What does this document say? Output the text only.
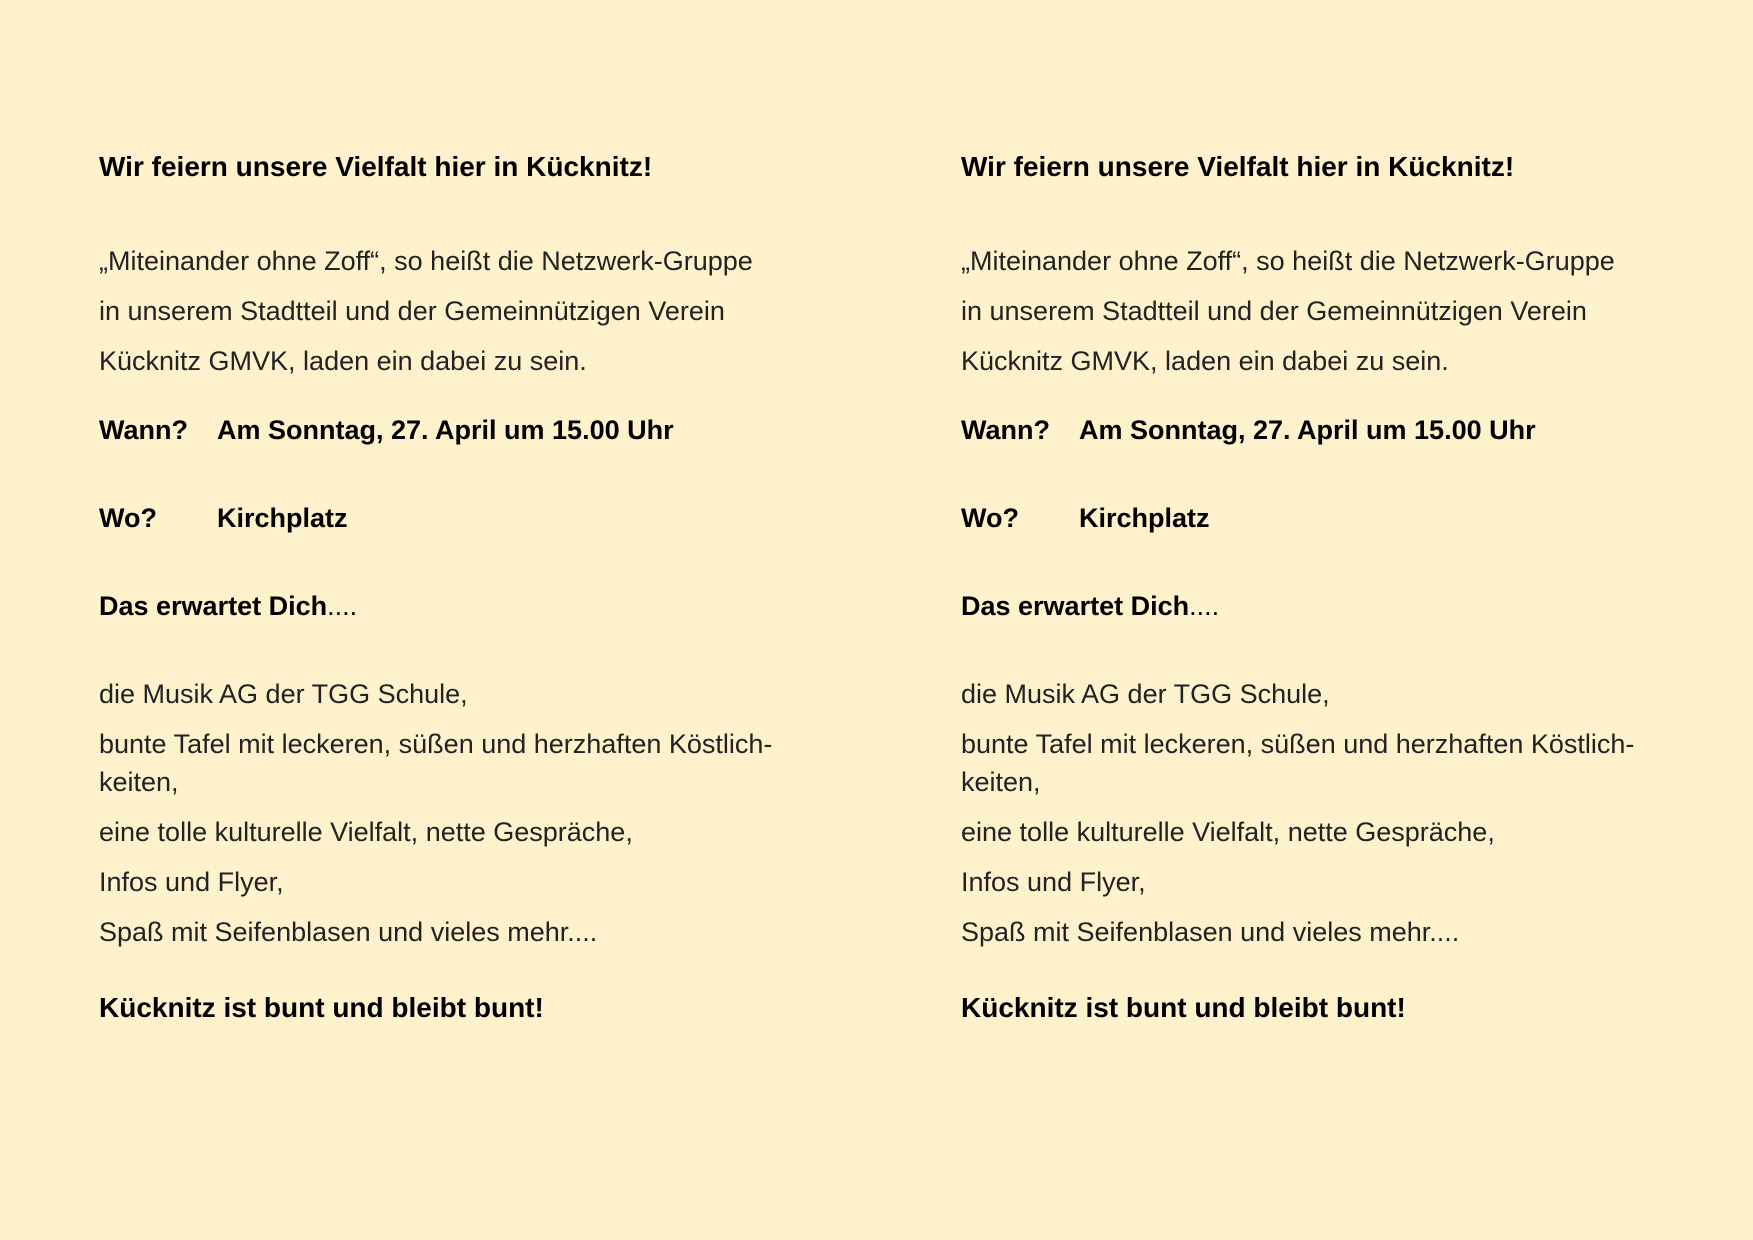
Wir feiern unsere Vielfalt hier in Kücknitz!
„Miteinander ohne Zoff“, so heißt die Netzwerk-Gruppe
in unserem Stadtteil und der Gemeinnützigen Verein
Kücknitz GMVK, laden ein dabei zu sein.
Wann?	Am Sonntag, 27. April um 15.00 Uhr
Wo?	Kirchplatz
Das erwartet Dich....
die Musik AG der TGG Schule,
bunte Tafel mit leckeren, süßen und herzhaften Köstlich-keiten,
eine tolle kulturelle Vielfalt, nette Gespräche,
Infos und Flyer,
Spaß mit Seifenblasen und vieles mehr....
Kücknitz ist bunt und bleibt bunt!
Wir feiern unsere Vielfalt hier in Kücknitz!
„Miteinander ohne Zoff“, so heißt die Netzwerk-Gruppe
in unserem Stadtteil und der Gemeinnützigen Verein
Kücknitz GMVK, laden ein dabei zu sein.
Wann?	Am Sonntag, 27. April um 15.00 Uhr
Wo?	Kirchplatz
Das erwartet Dich....
die Musik AG der TGG Schule,
bunte Tafel mit leckeren, süßen und herzhaften Köstlich-keiten,
eine tolle kulturelle Vielfalt, nette Gespräche,
Infos und Flyer,
Spaß mit Seifenblasen und vieles mehr....
Kücknitz ist bunt und bleibt bunt!
